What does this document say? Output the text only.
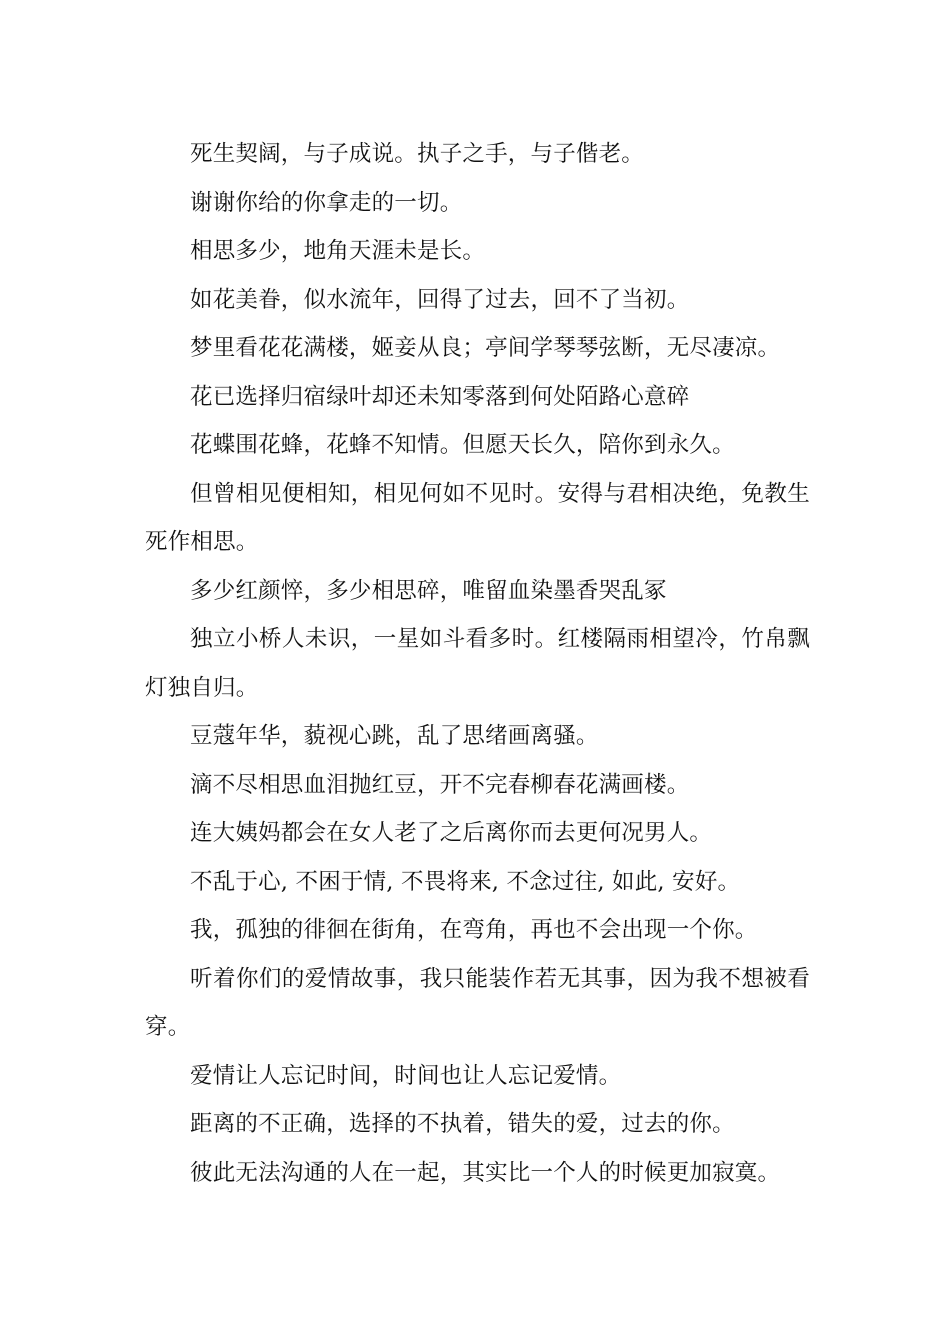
死生契阔，与子成说。执子之手，与子偕老。

谢谢你给的你拿走的一切。

相思多少，地角天涯未是长。

如花美眷，似水流年，回得了过去，回不了当初。

梦里看花花满楼，姬妾从良；亭间学琴琴弦断，无尽凄凉。

花已选择归宿绿叶却还未知零落到何处陌路心意碎

花蝶围花蜂，花蜂不知情。但愿天长久，陪你到永久。

但曾相见便相知，相见何如不见时。安得与君相决绝，免教生死作相思。

多少红颜悴，多少相思碎，唯留血染墨香哭乱冢

独立小桥人未识，一星如斗看多时。红楼隔雨相望冷，竹帛飘灯独自归。

豆蔻年华，藐视心跳，乱了思绪画离骚。

滴不尽相思血泪抛红豆，开不完春柳春花满画楼。

连大姨妈都会在女人老了之后离你而去更何况男人。

不乱于心, 不困于情, 不畏将来, 不念过往, 如此, 安好。

我，孤独的徘徊在街角，在弯角，再也不会出现一个你。

听着你们的爱情故事，我只能装作若无其事，因为我不想被看穿。

爱情让人忘记时间，时间也让人忘记爱情。

距离的不正确，选择的不执着，错失的爱，过去的你。

彼此无法沟通的人在一起，其实比一个人的时候更加寂寞。
